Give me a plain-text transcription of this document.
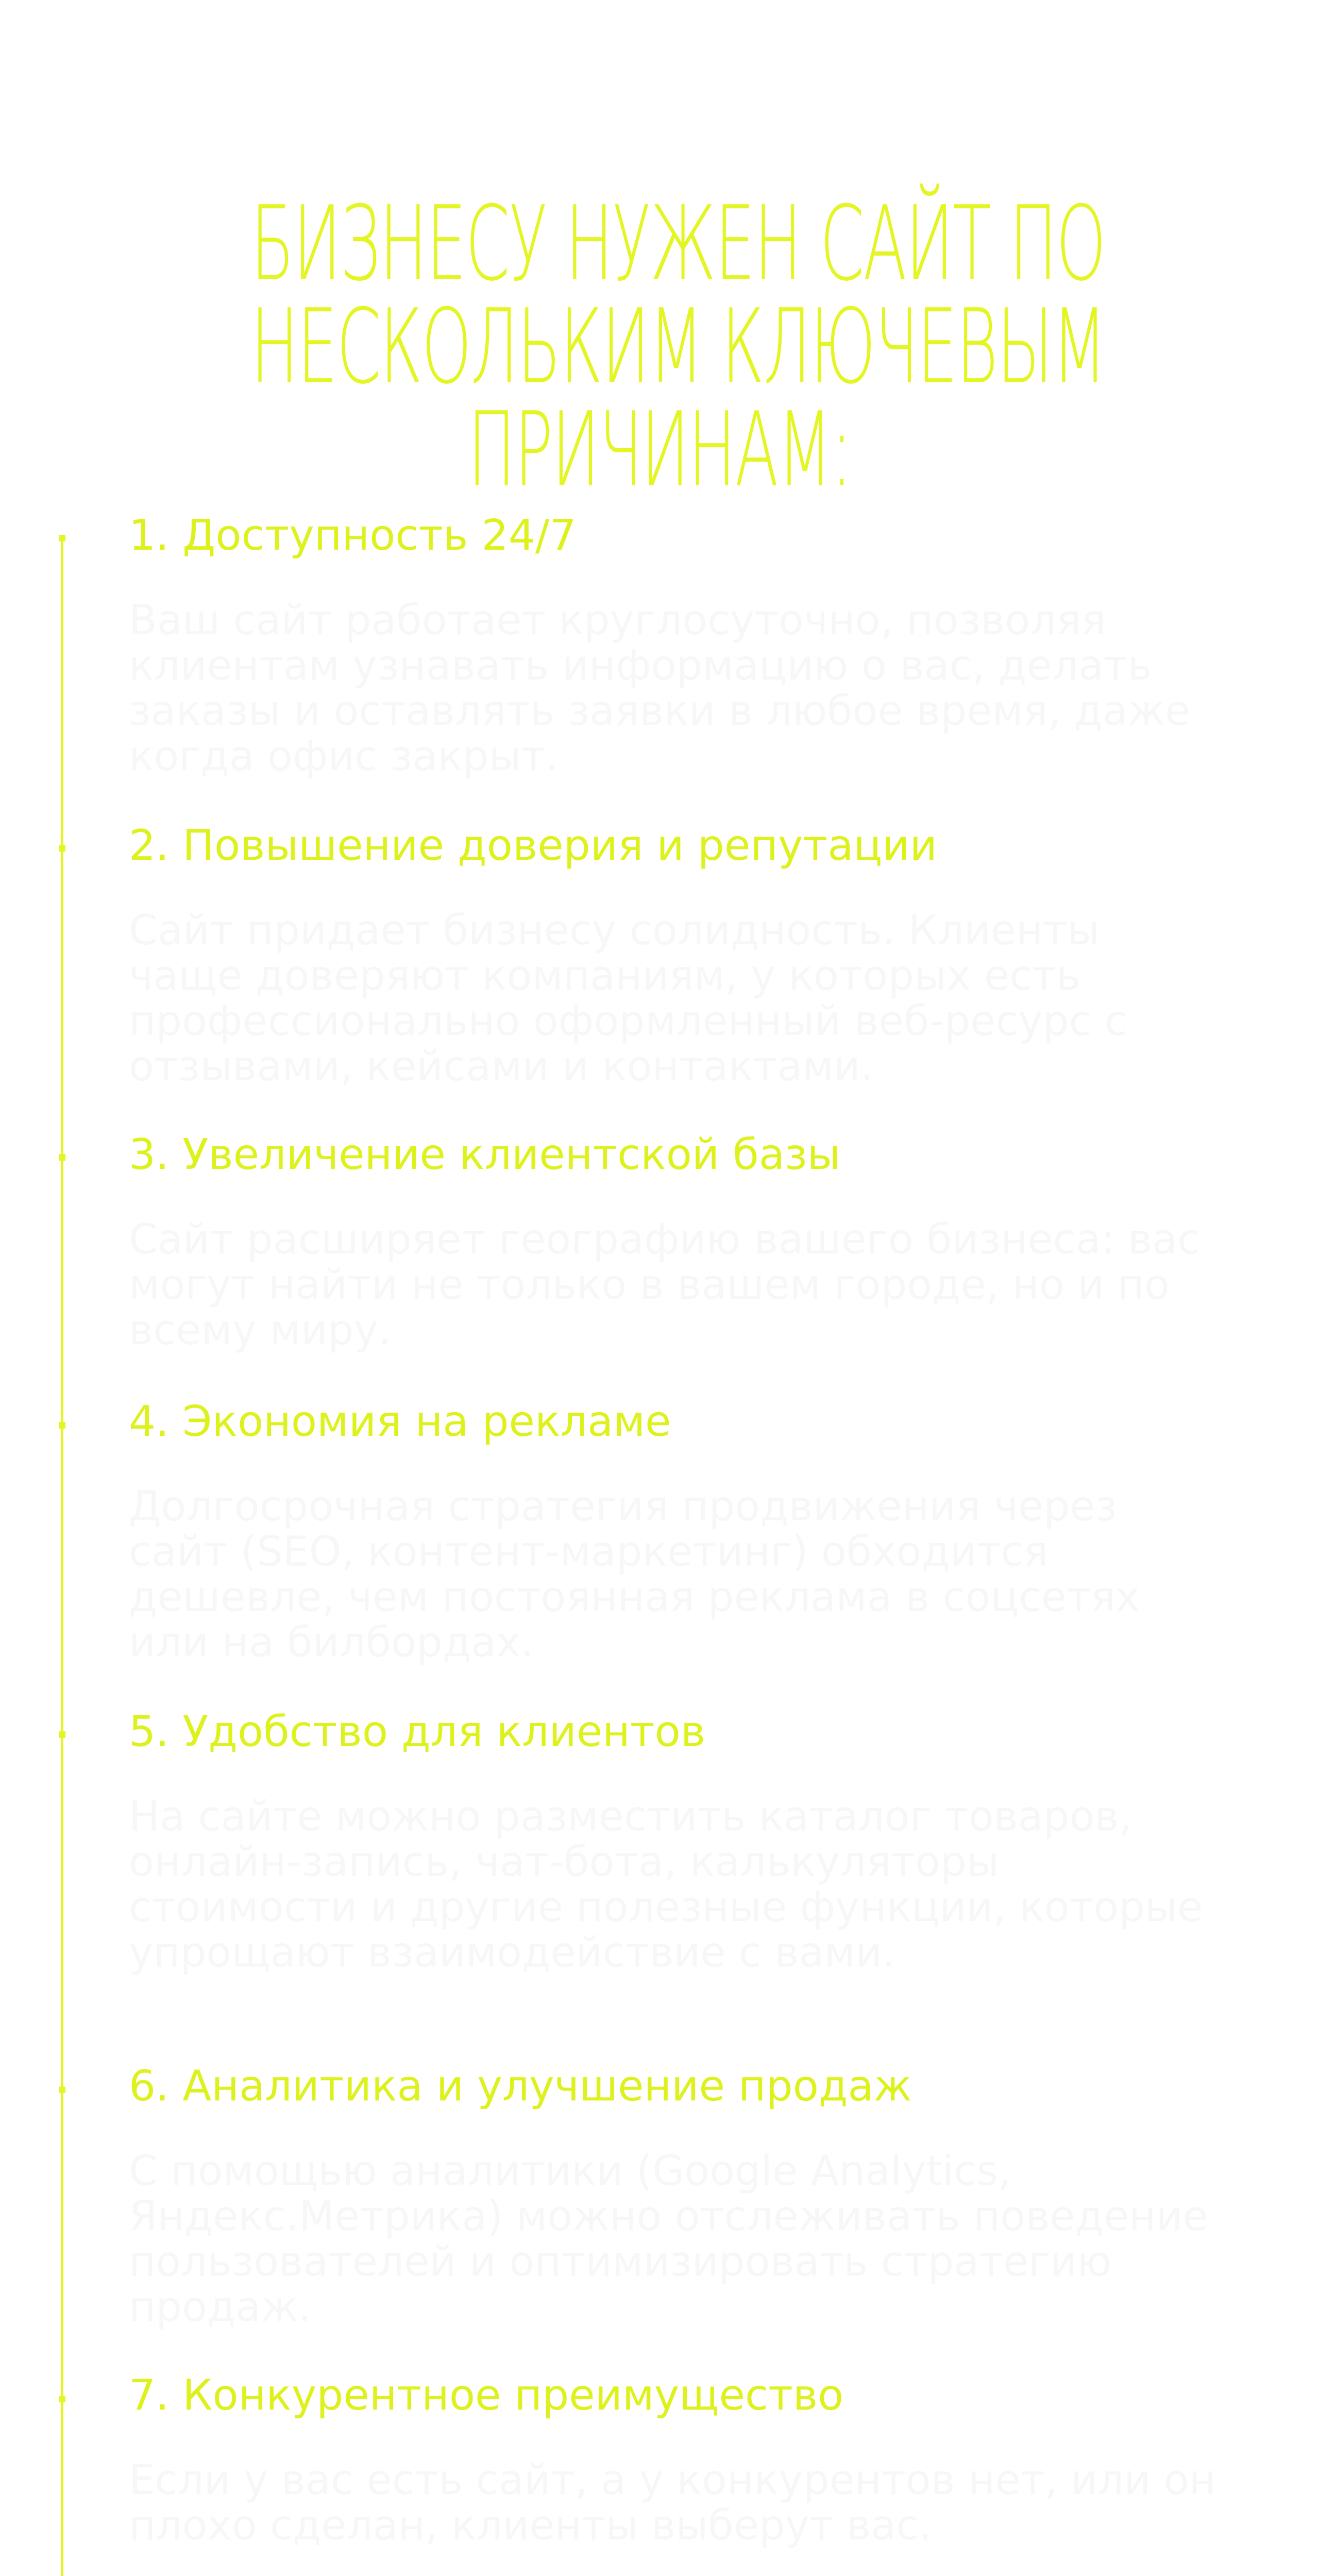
БИЗНЕСУ НУЖЕН САЙТ ПО
НЕСКОЛЬКИМ КЛЮЧЕВЫМ
ПРИЧИНАМ:
1. Доступность 24/7
Ваш сайт работает круглосуточно, позволяя клиентам узнавать информацию о вас, делать заказы и оставлять заявки в любое время, даже когда офис закрыт.
2. Повышение доверия и репутации
Сайт придает бизнесу солидность. Клиенты чаще доверяют компаниям, у которых есть профессионально оформленный веб-ресурс с отзывами, кейсами и контактами.
3. Увеличение клиентской базы
Сайт расширяет географию вашего бизнеса: вас могут найти не только в вашем городе, но и по всему миру.
4. Экономия на рекламе
Долгосрочная стратегия продвижения через сайт (SEO, контент-маркетинг) обходится дешевле, чем постоянная реклама в соцсетях или на билбордах.
5. Удобство для клиентов
На сайте можно разместить каталог товаров, онлайн-запись, чат-бота, калькуляторы стоимости и другие полезные функции, которые упрощают взаимодействие с вами.
6. Аналитика и улучшение продаж
С помощью аналитики (Google Analytics, Яндекс.Метрика) можно отслеживать поведение пользователей и оптимизировать стратегию продаж.
7. Конкурентное преимущество
Если у вас есть сайт, а у конкурентов нет, или он плохо сделан, клиенты выберут вас.
